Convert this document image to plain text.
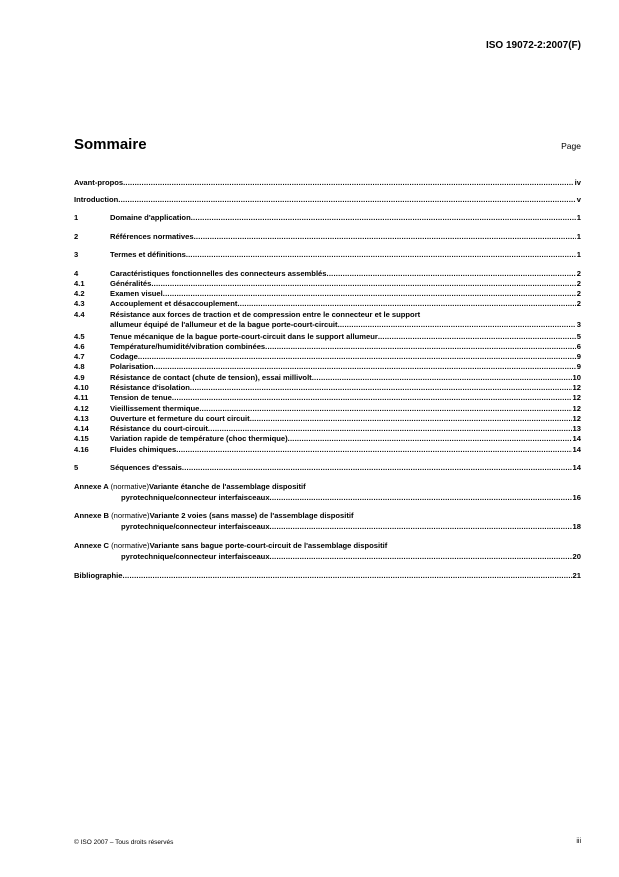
ISO 19072-2:2007(F)
Sommaire	Page
Avant-propos .....	iv
Introduction .....	v
1	Domaine d'application .....	1
2	Références normatives .....	1
3	Termes et définitions .....	1
4	Caractéristiques fonctionnelles des connecteurs assemblés .....	2
4.1	Généralités .....	2
4.2	Examen visuel .....	2
4.3	Accouplement et désaccouplement .....	2
4.4	Résistance aux forces de traction et de compression entre le connecteur et le support
allumeur équipé de l'allumeur et de la bague porte-court-circuit .....	3
4.5	Tenue mécanique de la bague porte-court-circuit dans le support allumeur .....	5
4.6	Température/humidité/vibration combinées .....	6
4.7	Codage .....	9
4.8	Polarisation .....	9
4.9	Résistance de contact (chute de tension), essai millivolt .....	10
4.10	Résistance d'isolation .....	12
4.11	Tension de tenue .....	12
4.12	Vieillissement thermique .....	12
4.13	Ouverture et fermeture du court circuit .....	12
4.14	Résistance du court-circuit .....	13
4.15	Variation rapide de température (choc thermique) .....	14
4.16	Fluides chimiques .....	14
5	Séquences d'essais .....	14
Annexe A (normative) Variante étanche de l'assemblage dispositif
pyrotechnique/connecteur interfaisceaux .....	16
Annexe B (normative) Variante 2 voies (sans masse) de l'assemblage dispositif
pyrotechnique/connecteur interfaisceaux .....	18
Annexe C (normative) Variante sans bague porte-court-circuit de l'assemblage dispositif
pyrotechnique/connecteur interfaisceaux .....	20
Bibliographie .....	21
© ISO 2007 – Tous droits réservés	iii
